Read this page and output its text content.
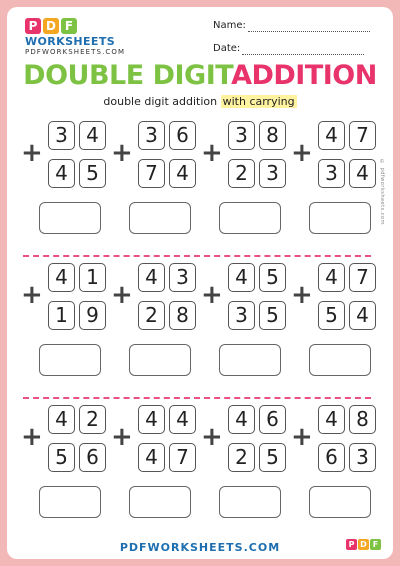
P D F
WORKSHEETS
PDFWORKSHEETS.COM
Name:
Date:
DOUBLE DIGITADDITION
double digit addition with carrying
© pdfworksheets.com
+
3 4
4 5
+
3 6
7 4
+
3 8
2 3
+
4 7
3 4
+
4 1
1 9
+
4 3
2 8
+
4 5
3 5
+
4 7
5 4
+
4 2
5 6
+
4 4
4 7
+
4 6
2 5
+
4 8
6 3
PDFWORKSHEETS.COM	P D F
